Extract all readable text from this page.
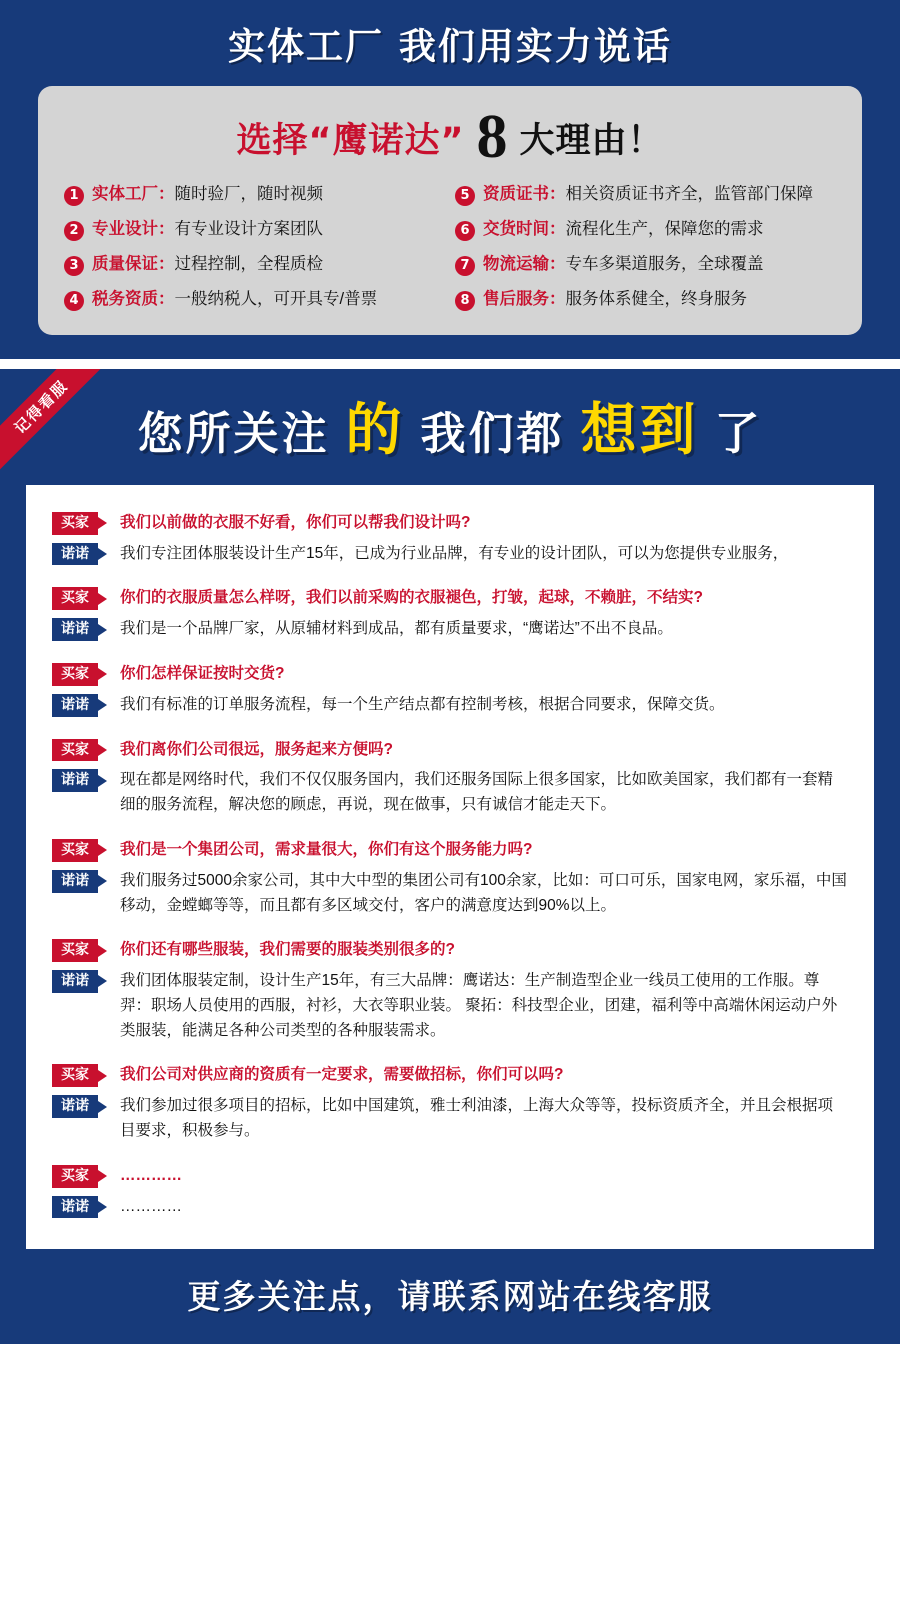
实体工厂 我们用实力说话
选择“鹰诺达” 8 大理由！
1 实体工厂：随时验厂，随时视频	5 资质证书：相关资质证书齐全，监管部门保障
2 专业设计：有专业设计方案团队	6 交货时间：流程化生产，保障您的需求
3 质量保证：过程控制，全程质检	7 物流运输：专车多渠道服务，全球覆盖
4 税务资质：一般纳税人，可开具专/普票	8 售后服务：服务体系健全，终身服务
记得看服	您所关注 的 我们都 想到 了
买家	我们以前做的衣服不好看，你们可以帮我们设计吗?
诺诺	我们专注团体服装设计生产15年，已成为行业品牌，有专业的设计团队，可以为您提供专业服务，
买家	你们的衣服质量怎么样呀，我们以前采购的衣服褪色，打皱，起球，不赖脏，不结实?
诺诺	我们是一个品牌厂家，从原辅材料到成品，都有质量要求，“鹰诺达”不出不良品。
买家	你们怎样保证按时交货?
诺诺	我们有标准的订单服务流程，每一个生产结点都有控制考核，根据合同要求，保障交货。
买家	我们离你们公司很远，服务起来方便吗?
诺诺	现在都是网络时代，我们不仅仅服务国内，我们还服务国际上很多国家，比如欧美国家，我们都有一套精细的服务流程，解决您的顾虑，再说，现在做事，只有诚信才能走天下。
买家	我们是一个集团公司，需求量很大，你们有这个服务能力吗?
诺诺	我们服务过5000余家公司，其中大中型的集团公司有100余家，比如：可口可乐，国家电网，家乐福，中国移动，金螳螂等等，而且都有多区域交付，客户的满意度达到90%以上。
买家	你们还有哪些服装，我们需要的服装类别很多的?
诺诺	我们团体服装定制，设计生产15年，有三大品牌：鹰诺达：生产制造型企业一线员工使用的工作服。尊羿：职场人员使用的西服，衬衫，大衣等职业装。 聚拓：科技型企业，团建，福利等中高端休闲运动户外类服装，能满足各种公司类型的各种服装需求。
买家	我们公司对供应商的资质有一定要求，需要做招标，你们可以吗?
诺诺	我们参加过很多项目的招标，比如中国建筑，雅士利油漆，上海大众等等，投标资质齐全，并且会根据项目要求，积极参与。
买家	…………
诺诺	…………
更多关注点，请联系网站在线客服
